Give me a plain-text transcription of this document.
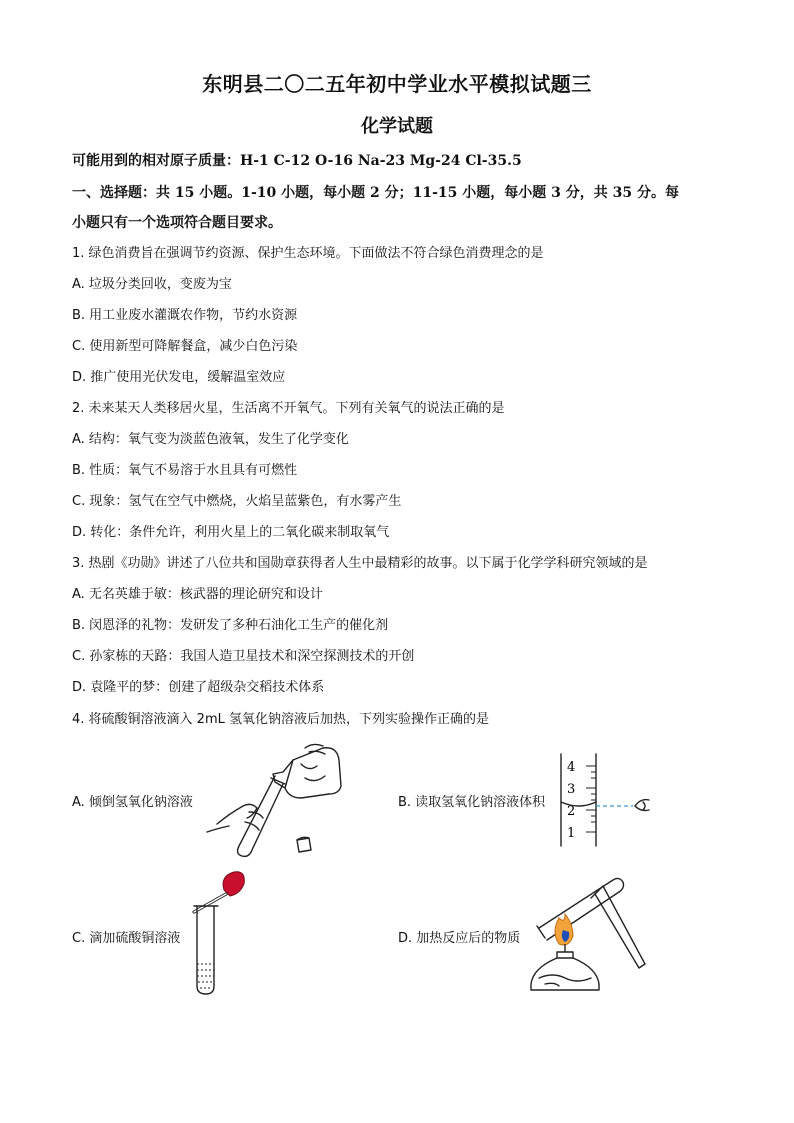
东明县二〇二五年初中学业水平模拟试题三
化学试题
可能用到的相对原子质量：H-1 C-12 O-16 Na-23 Mg-24 Cl-35.5
一、选择题：共 15 小题。1-10 小题，每小题 2 分；11-15 小题，每小题 3 分，共 35 分。每
小题只有一个选项符合题目要求。
1. 绿色消费旨在强调节约资源、保护生态环境。下面做法不符合绿色消费理念的是
A. 垃圾分类回收，变废为宝
B. 用工业废水灌溉农作物，节约水资源
C. 使用新型可降解餐盒，减少白色污染
D. 推广使用光伏发电，缓解温室效应
2. 未来某天人类移居火星，生活离不开氧气。下列有关氧气的说法正确的是
A. 结构：氧气变为淡蓝色液氧，发生了化学变化
B. 性质：氧气不易溶于水且具有可燃性
C. 现象：氢气在空气中燃烧，火焰呈蓝紫色，有水雾产生
D. 转化：条件允许，利用火星上的二氧化碳来制取氧气
3. 热剧《功勋》讲述了八位共和国勋章获得者人生中最精彩的故事。以下属于化学学科研究领域的是
A. 无名英雄于敏：核武器的理论研究和设计
B. 闵恩泽的礼物：发研发了多种石油化工生产的催化剂
C. 孙家栋的天路：我国人造卫星技术和深空探测技术的开创
D. 袁隆平的梦：创建了超级杂交稻技术体系
4. 将硫酸铜溶液滴入 2mL 氢氧化钠溶液后加热，下列实验操作正确的是
A. 倾倒氢氧化钠溶液	B. 读取氢氧化钠溶液体积
C. 滴加硫酸铜溶液	D. 加热反应后的物质
4
3
2
1
